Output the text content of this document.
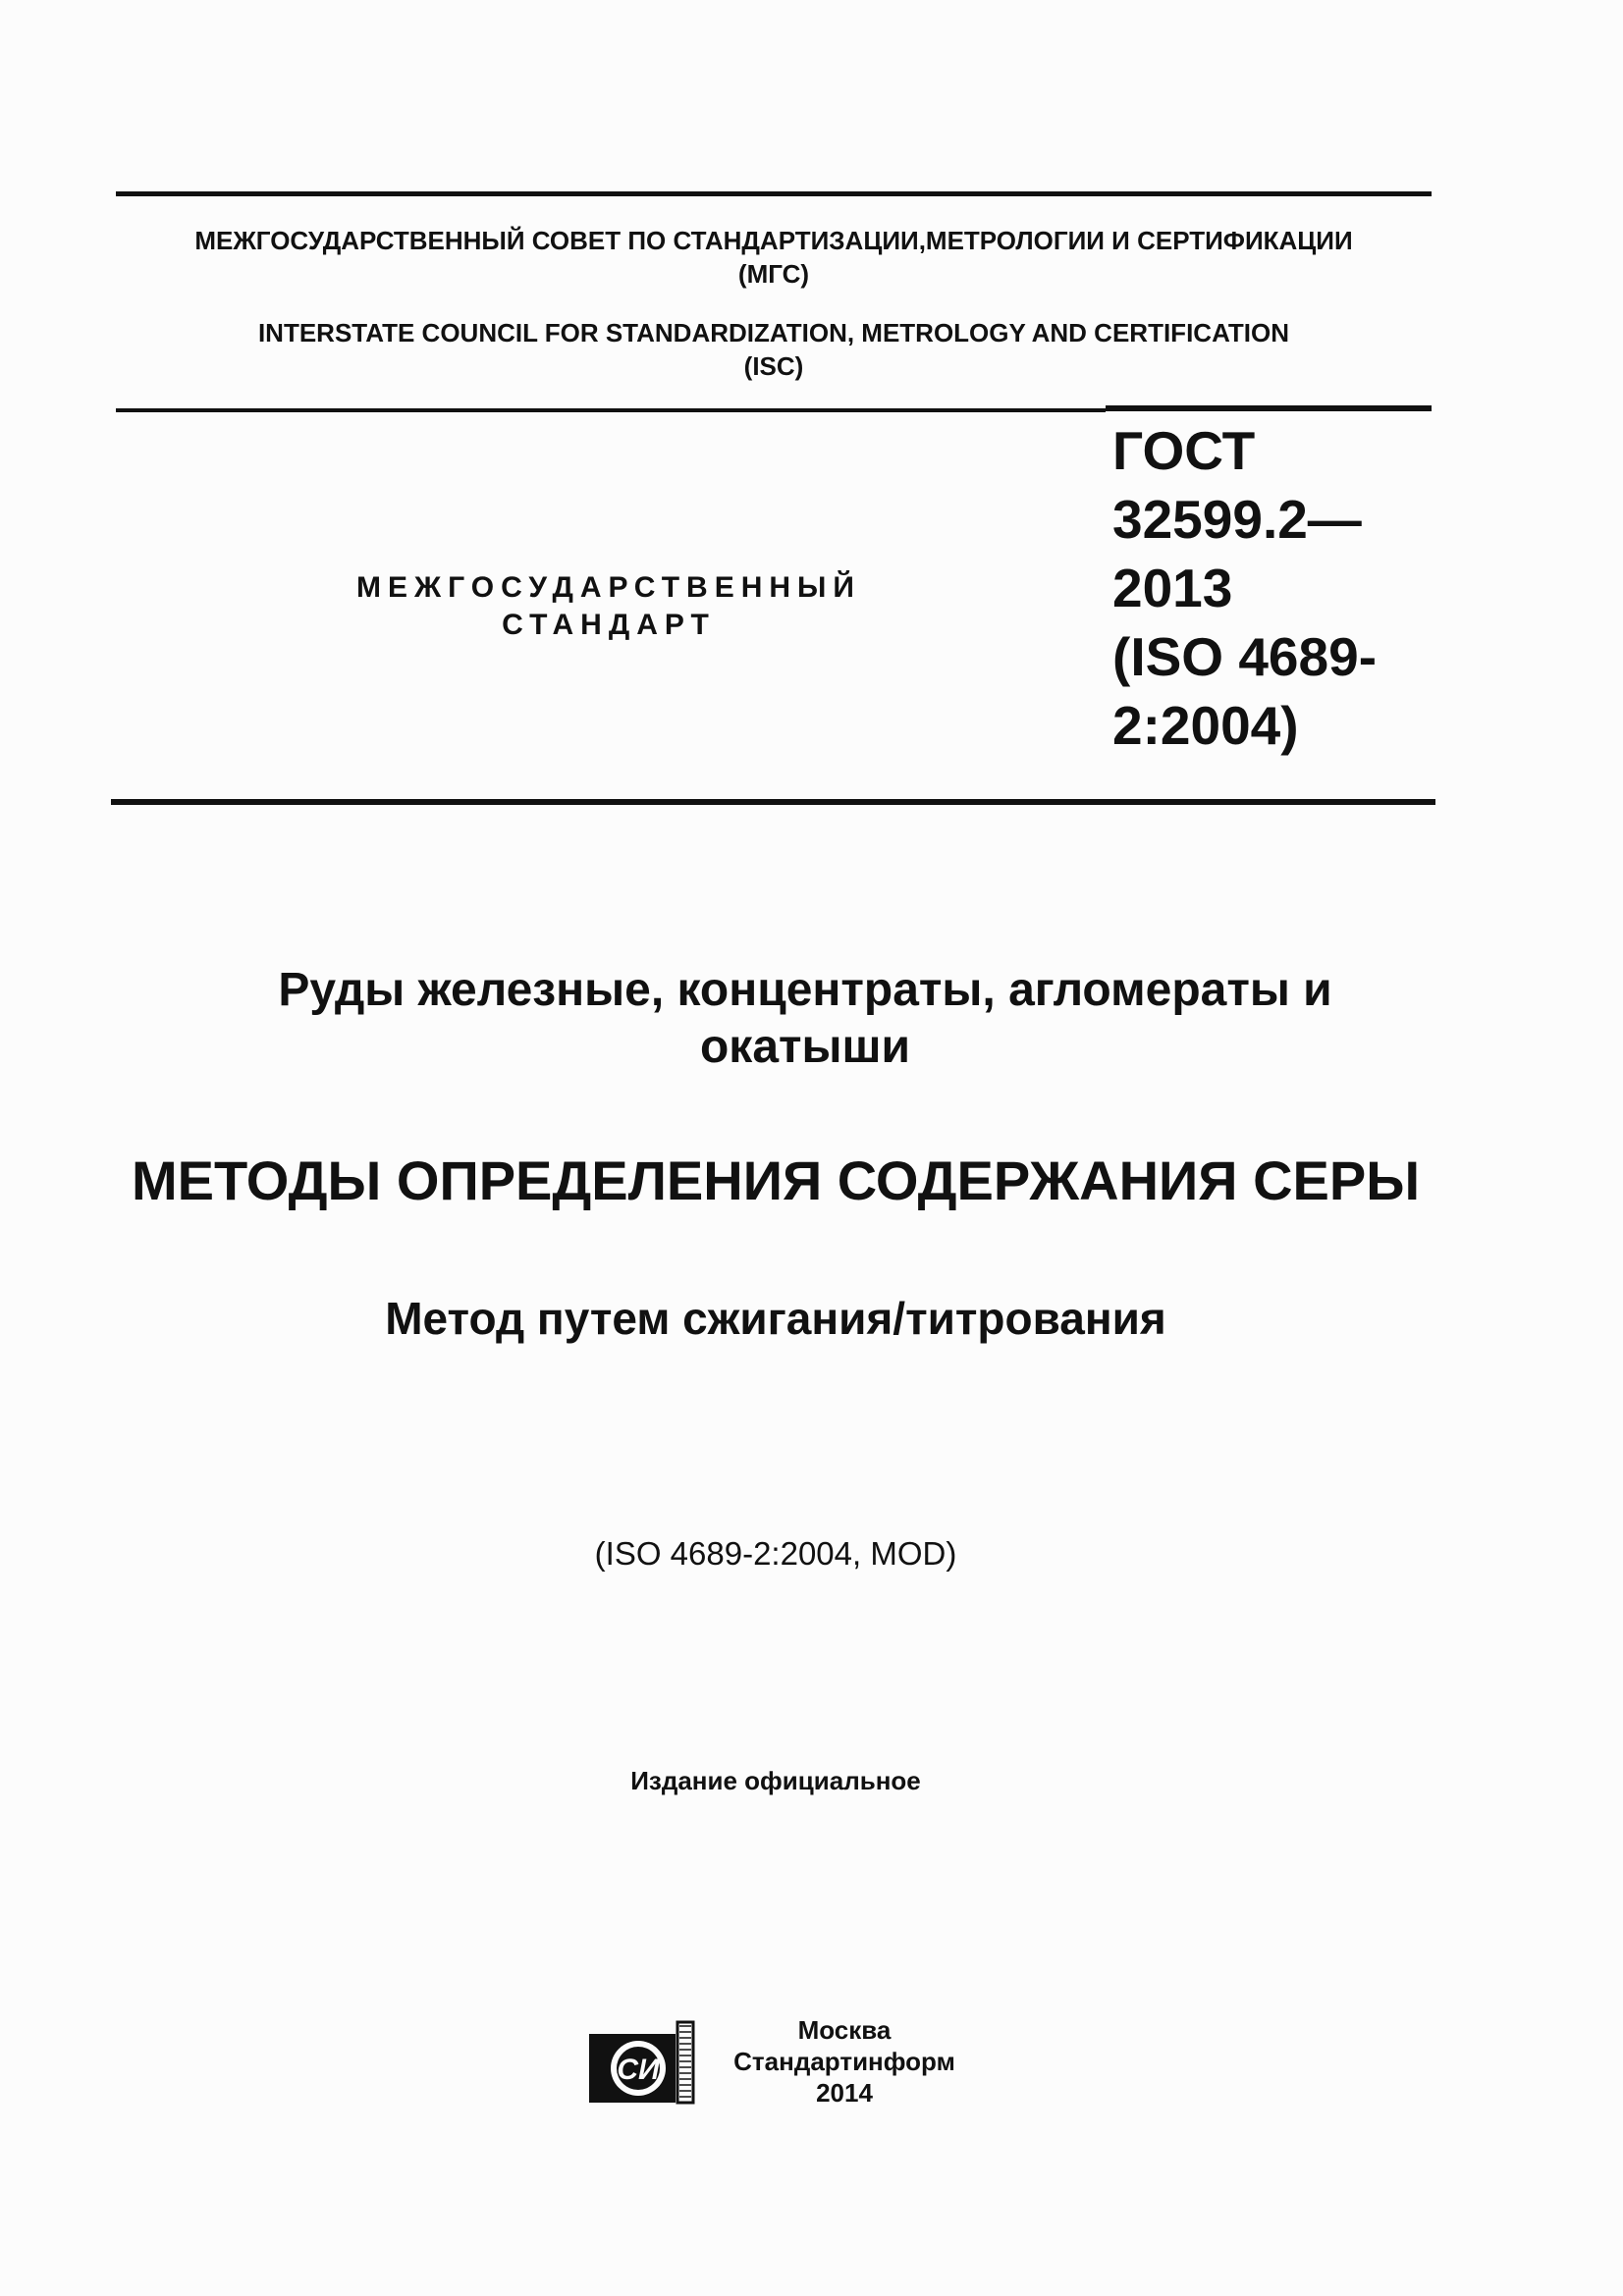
МЕЖГОСУДАРСТВЕННЫЙ СОВЕТ ПО СТАНДАРТИЗАЦИИ,МЕТРОЛОГИИ И СЕРТИФИКАЦИИ
(МГС)
INTERSTATE COUNCIL FOR STANDARDIZATION, METROLOGY AND CERTIFICATION
(ISC)
МЕЖГОСУДАРСТВЕННЫЙ
СТАНДАРТ
ГОСТ
32599.2—
2013
(ISO 4689-
2:2004)
Руды железные, концентраты, агломераты и
окатыши
МЕТОДЫ ОПРЕДЕЛЕНИЯ СОДЕРЖАНИЯ СЕРЫ
Метод путем сжигания/титрования
(ISO 4689-2:2004, MOD)
Издание официальное
СИ
Москва
Стандартинформ
2014
